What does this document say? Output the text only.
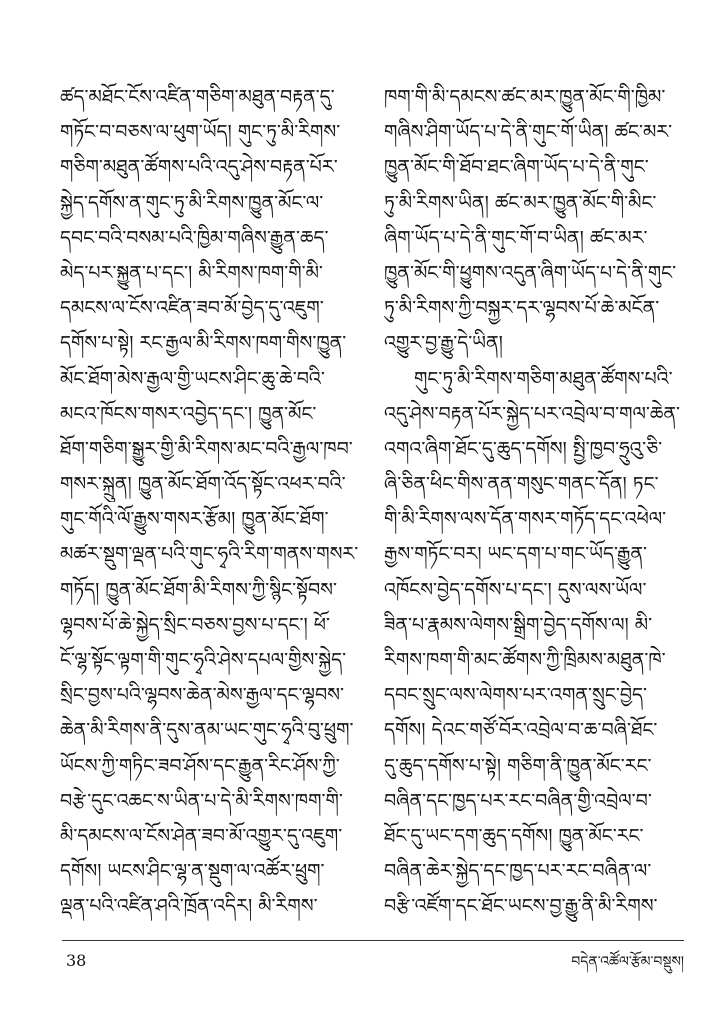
ཚད་མཐོང་ངོས་འཛིན་གཅིག་མཐུན་བརྟན་དུ་
གཏོང་བ་བཅས་ལ་ཕུག་ཡོད། གུང་ཏུ་མི་རིགས་
གཅིག་མཐུན་ཚོགས་པའི་འདུ་ཤེས་བརྟན་པོར་
སྐྱེད་དགོས་ན་གུང་ཏུ་མི་རིགས་ཁྱུན་མོང་ལ་
དབང་བའི་བསམ་པའི་ཁྱིམ་གཞིས་རྒྱུན་ཆད་
མེད་པར་སྐྱུན་པ་དང་། མི་རིགས་ཁག་གི་མི་
དམངས་ལ་ངོས་འཛིན་ཟབ་མོ་བྱེད་དུ་འཇུག་
དགོས་པ་སྟེ། རང་རྒྱལ་མི་རིགས་ཁག་གིས་ཁྱུན་
མོང་ཐོག་མེས་རྒྱལ་གྱི་ཡངས་ཤིང་ཆུ་ཆེ་བའི་
མངའ་ཁོངས་གསར་འབྱེད་དང་། ཁྱུན་མོང་
ཐོག་གཅིག་སྒྱུར་གྱི་མི་རིགས་མང་བའི་རྒྱལ་ཁབ་
གསར་སྐྲུན། ཁྱུན་མོང་ཐོག་འོད་སྟོང་འཕར་བའི་
གུང་གོའི་ལོ་རྒྱུས་གསར་རྩོམ། ཁྱུན་མོང་ཐོག་
མཚར་སྡུག་ལྡན་པའི་གུང་ཧྭའི་རིག་གནས་གསར་
གཏོད། ཁྱུན་མོང་ཐོག་མི་རིགས་ཀྱི་སྙིང་སྟོབས་
ལྷབས་པོ་ཆེ་སྐྱེད་སྲིང་བཅས་བྱས་པ་དང་། ཕོ་
ངོ་ལྷ་སྟོང་ལྟག་གི་གུང་ཧྭའི་ཤེས་དཔལ་གྱིས་སྐྱེད་
སྲིང་བྱས་པའི་ལྷབས་ཆེན་མེས་རྒྱལ་དང་ལྷབས་
ཆེན་མི་རིགས་ནི་དུས་ནམ་ཡང་གུང་ཧྭའི་བུ་ཕྲུག་
ཡོངས་ཀྱི་གཏིང་ཟབ་ཤོས་དང་རྒྱུན་རིང་ཤོས་ཀྱི་
བརྩེ་དུང་འཆང་ས་ཡིན་པ་དེ་མི་རིགས་ཁག་གི་
མི་དམངས་ལ་ངོས་ཤེན་ཟབ་མོ་འགྱུར་དུ་འཇུག་
དགོས། ཡངས་ཤིང་ལྷ་ན་སྡུག་ལ་འཚོར་ཕྲུག་
ལྡན་པའི་འཛིན་ཤའི་ཁྲོན་འདིར། མི་རིགས་
ཁག་གི་མི་དམངས་ཚང་མར་ཁྱུན་མོང་གི་ཁྱིམ་
གཞིས་ཤིག་ཡོད་པ་དེ་ནི་གུང་གོ་ཡིན། ཚང་མར་
ཁྱུན་མོང་གི་ཐོབ་ཐང་ཞིག་ཡོད་པ་དེ་ནི་གུང་
ཏུ་མི་རིགས་ཡིན། ཚང་མར་ཁྱུན་མོང་གི་མིང་
ཞིག་ཡོད་པ་དེ་ནི་གུང་གོ་བ་ཡིན། ཚང་མར་
ཁྱུན་མོང་གི་ཕྱུགས་འདུན་ཞིག་ཡོད་པ་དེ་ནི་གུང་
ཏུ་མི་རིགས་ཀྱི་བསྐྱར་དར་ལྷབས་པོ་ཆེ་མངོན་
འགྱུར་བྱ་རྒྱུ་དེ་ཡིན།
གུང་ཏུ་མི་རིགས་གཅིག་མཐུན་ཚོགས་པའི་
འདུ་ཤེས་བརྟན་པོར་སྐྱེད་པར་འབྲེལ་བ་གལ་ཆེན་
འགའ་ཞིག་ཐོང་དུ་ཆུད་དགོས། སྤྱི་ཁྱབ་ཧྲུའུ་ཅི་
ཞི་ཅིན་ཕིང་གིས་ནན་གསུང་གནང་དོན། ཏང་
གི་མི་རིགས་ལས་དོན་གསར་གཏོད་དང་འཕེལ་
རྒྱས་གཏོང་བར། ཡང་དག་པ་གང་ཡོད་རྒྱུན་
འཁོངས་བྱེད་དགོས་པ་དང་། དུས་ལས་ཡོལ་
ཟིན་པ་རྣམས་ལེགས་སྒྲིག་བྱེད་དགོས་ལ། མི་
རིགས་ཁག་གི་མང་ཚོགས་ཀྱི་ཁྲིམས་མཐུན་ཁེ་
དབང་སྲུང་ལས་ལེགས་པར་འགན་སྲུང་བྱེད་
དགོས། དེའང་གཙོ་བོར་འབྲེལ་བ་ཆ་བཞི་ཐོང་
དུ་ཆུད་དགོས་པ་སྟེ། གཅིག་ནི་ཁྱུན་མོང་རང་
བཞིན་དང་ཁྱད་པར་རང་བཞིན་གྱི་འབྲེལ་བ་
ཐོང་དུ་ཡང་དག་ཆུད་དགོས། ཁྱུན་མོང་རང་
བཞིན་ཆེར་སྐྱེད་དང་ཁྱད་པར་རང་བཞིན་ལ་
བརྩི་འཛོག་དང་ཐོང་ཡངས་བྱ་རྒྱུ་ནི་མི་རིགས་
38	བདེན་འཚོལ་རྩོམ་བསྡུས།
